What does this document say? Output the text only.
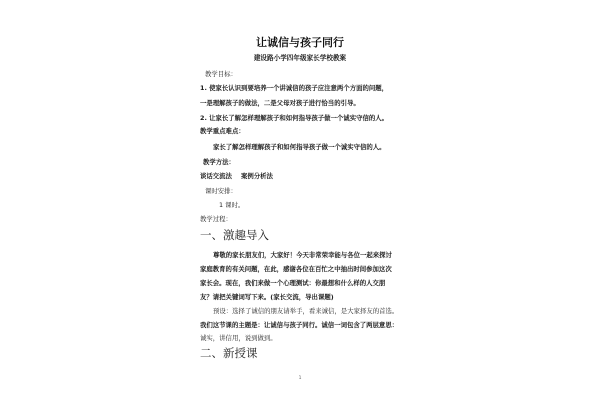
让诚信与孩子同行
建设路小学四年级家长学校教案
教学目标：
1. 使家长认识到要培养一个讲诚信的孩子应注意两个方面的问题，
一是理解孩子的做法，二是父母对孩子进行恰当的引导。
2. 让家长了解怎样理解孩子和如何指导孩子做一个诚实守信的人。
教学重点难点：
家长了解怎样理解孩子和如何指导孩子做一个诚实守信的人。
教学方法：
谈话交流法 案例分析法
课时安排：
1 课时。
教学过程：
一、激趣导入
尊敬的家长朋友们，大家好！今天非常荣幸能与各位一起来探讨
家庭教育的有关问题，在此，感谢各位在百忙之中抽出时间参加这次
家长会。现在，我们来做一个心理测试：你最想和什么样的人交朋
友？请把关键词写下来。(家长交流，导出课题)
预设：选择了诚信的朋友请举手，看来诚信，是大家择友的首选。
我们这节课的主题是：让诚信与孩子同行。诚信一词包含了两层意思：
诚实，讲信用，说到做到。
二、新授课
1
